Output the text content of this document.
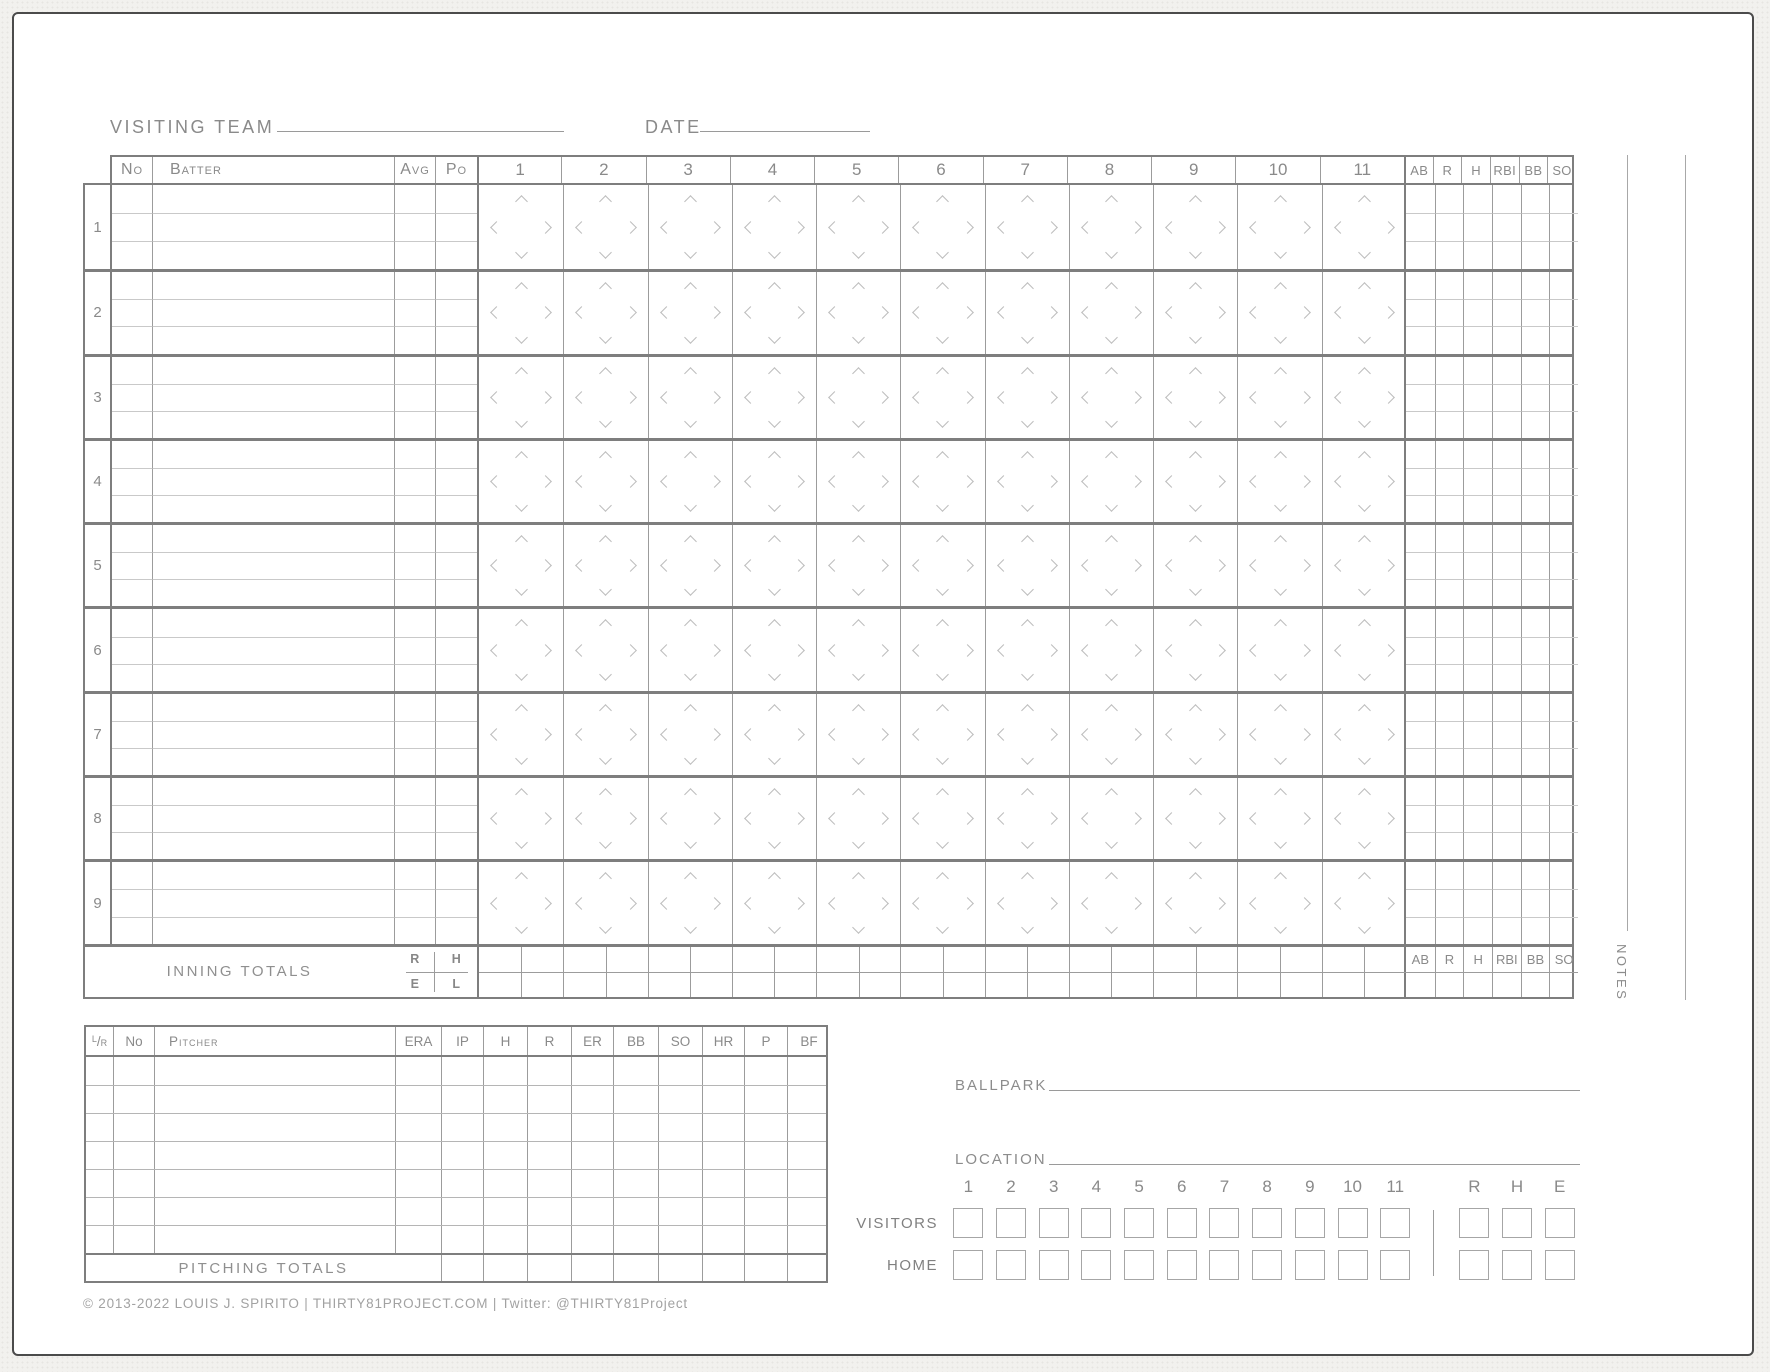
VISITING TEAM	DATE
No	Batter	Avg	Po	1	2	3	4	5	6	7	8	9	10	11	AB	R	H RBI BB SO
1
2
3
4
5
6
7
8
9
INNING TOTALS
R	H
E	L
AB	R	H	RBI BB SO	NOTES
L $/_R$	No	Pitcher	ERA	IP	H	R	ER	BB	SO	HR	P	BF
PITCHING TOTALS
© 2013-2022 LOUIS J. SPIRITO | THIRTY81PROJECT.COM | Twitter: @THIRTY81Project
BALLPARK
LOCATION
1 2 3 4 5 6 7 8 9 10 11	R H E
VISITORS
HOME
